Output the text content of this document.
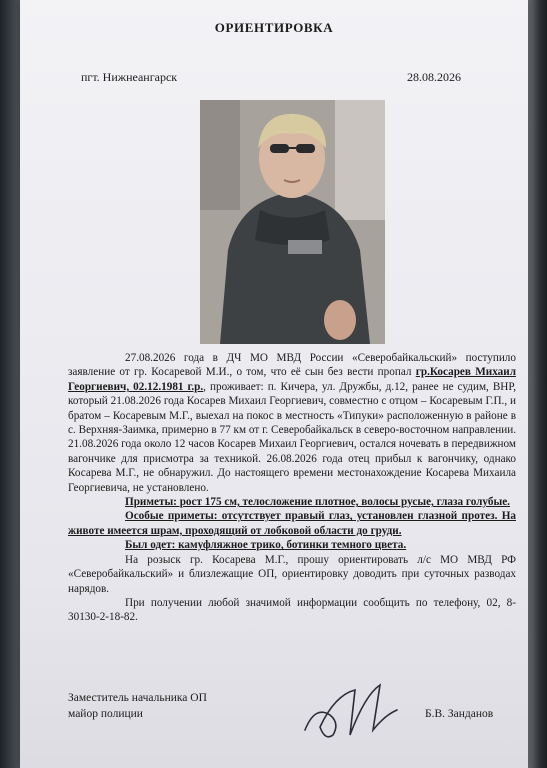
ОРИЕНТИРОВКА
пгт. Нижнеангарск	28.08.2026

27.08.2026 года в ДЧ МО МВД России «Северобайкальский» поступило заявление от гр. Косаревой М.И., о том, что её сын без вести пропал гр.Косарев Михаил Георгиевич, 02.12.1981 г.р., проживает: п. Кичера, ул. Дружбы, д.12, ранее не судим, ВНР, который 21.08.2026 года Косарев Михаил Георгиевич, совместно с отцом – Косаревым Г.П., и братом – Косаревым М.Г., выехал на покос в местность «Типуки» расположенную в районе в с. Верхняя-Заимка, примерно в 77 км от г. Северобайкальск в северо-восточном направлении. 21.08.2026 года около 12 часов Косарев Михаил Георгиевич, остался ночевать в передвижном вагончике для присмотра за техникой. 26.08.2026 года отец прибыл к вагончику, однако Косарева М.Г., не обнаружил. До настоящего времени местонахождение Косарева Михаила Георгиевича, не установлено.

Приметы: рост 175 см, телосложение плотное, волосы русые, глаза голубые.

Особые приметы: отсутствует правый глаз, установлен глазной протез. На животе имеется шрам, проходящий от лобковой области до груди.

Был одет: камуфляжное трико, ботинки темного цвета.

На розыск гр. Косарева М.Г., прошу ориентировать л/с МО МВД РФ «Северобайкальский» и близлежащие ОП, ориентировку доводить при суточных разводах нарядов.

При получении любой значимой информации сообщить по телефону, 02, 8-30130-2-18-82.

Заместитель начальника ОП
майор полиции	Б.В. Занданов
